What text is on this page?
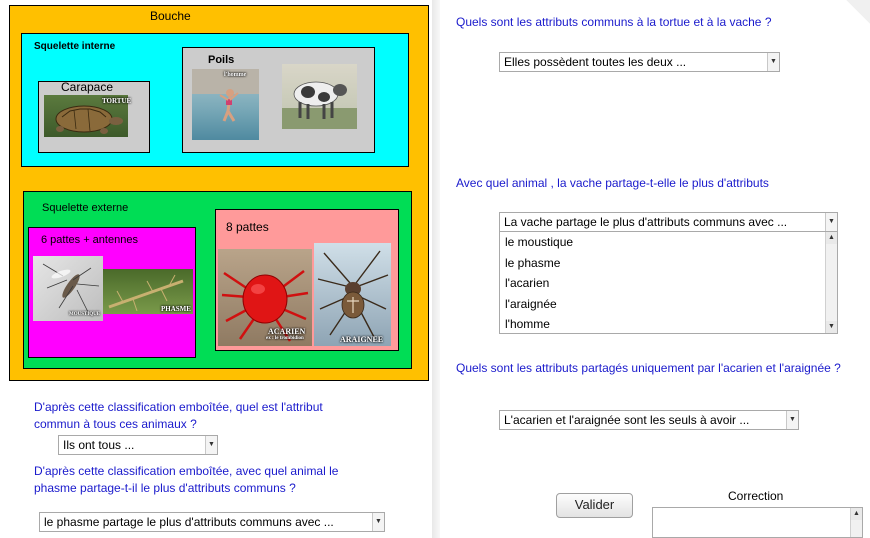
Bouche
Squelette interne
Carapace
TORTUE
Poils
l'homme
Squelette externe
6 pattes + antennes
MOUSTIQUE
PHASME
8 pattes
ACARIEN
ex : le trombidion	ARAIGNEE
D'après cette classification emboîtée, quel est l'attribut commun à tous ces animaux ?
Ils ont tous ...	▼
D'après cette classification emboîtée, avec quel animal le phasme partage-t-il le plus d'attributs communs ?
le phasme partage le plus d'attributs communs avec ...	▼
Quels sont les attributs communs à la tortue et à la vache ?
Elles possèdent toutes les deux ...	▼
Avec quel animal , la vache partage-t-elle le plus d'attributs
La vache partage le plus d'attributs communs avec ...	▼
le moustique
le phasme
l'acarien
l'araignée
l'homme
▲
▼
Quels sont les attributs partagés uniquement par l'acarien et l'araignée ?
L'acarien et l'araignée sont les seuls à avoir ...	▼
Valider
Correction
▲
